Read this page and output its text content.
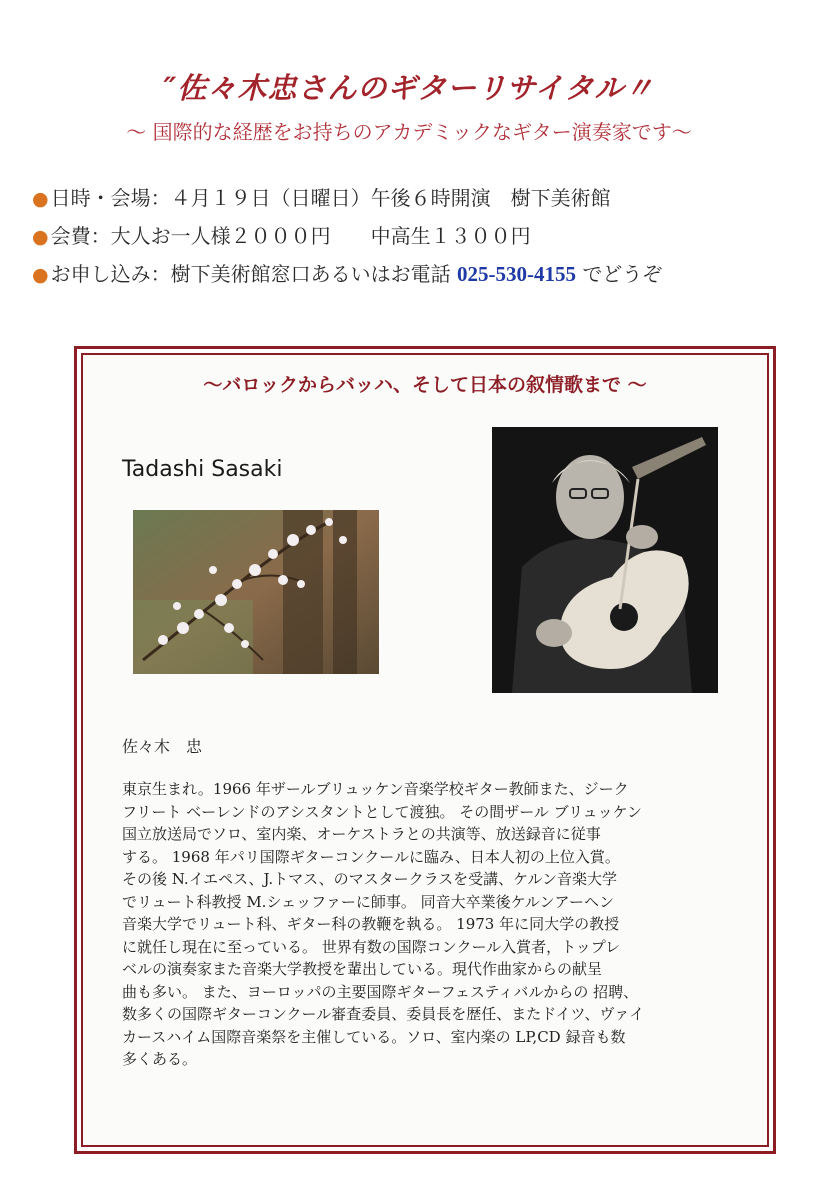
″佐々木忠さんのギターリサイタル〃
～ 国際的な経歴をお持ちのアカデミックなギター演奏家です～
● 日時・会場：４月１９日（日曜日）午後６時開演　樹下美術館
● 会費：大人お一人様２０００円　　中高生１３００円
● お申し込み：樹下美術館窓口あるいはお電話 025-530-4155 でどうぞ
～バロックからバッハ、そして日本の叙情歌まで ～
Tadashi Sasaki
佐々木　忠
東京生まれ。1966 年ザールブリュッケン音楽学校ギター教師また、ジーク
フリート ベーレンドのアシスタントとして渡独。 その間ザール ブリュッケン
国立放送局でソロ、室内楽、オーケストラとの共演等、放送録音に従事
する。 1968 年パリ国際ギターコンクールに臨み、日本人初の上位入賞。
その後 N.イエペス、J.トマス、のマスタークラスを受講、ケルン音楽大学
でリュート科教授 M.シェッファーに師事。 同音大卒業後ケルンアーヘン
音楽大学でリュート科、ギター科の教鞭を執る。 1973 年に同大学の教授
に就任し現在に至っている。 世界有数の国際コンクール入賞者，トップレ
ベルの演奏家また音楽大学教授を輩出している。現代作曲家からの献呈
曲も多い。 また、ヨーロッパの主要国際ギターフェスティバルからの 招聘、
数多くの国際ギターコンクール審査委員、委員長を歴任、またドイツ、ヴァイ
カースハイム国際音楽祭を主催している。ソロ、室内楽の LP,CD 録音も数
多くある。
